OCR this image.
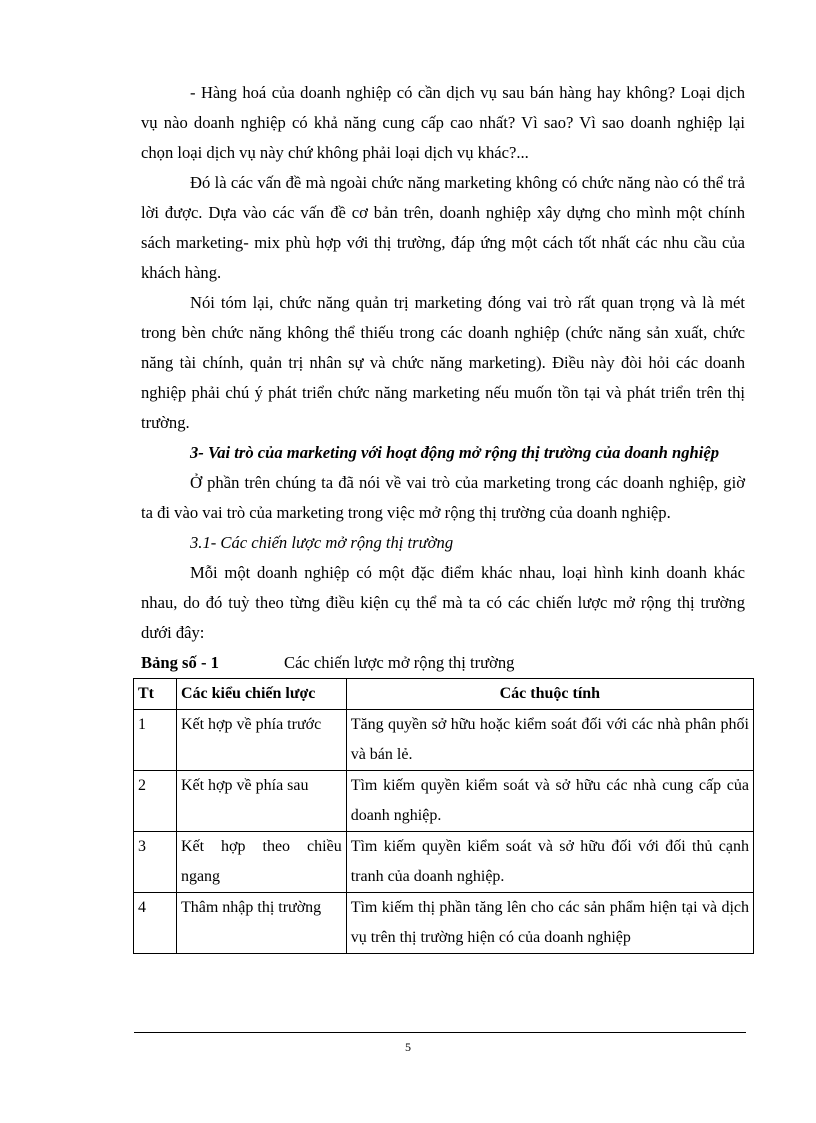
- Hàng hoá của doanh nghiệp có cần dịch vụ sau bán hàng hay không? Loại dịch vụ nào doanh nghiệp có khả năng cung cấp cao nhất? Vì sao? Vì sao doanh nghiệp lại chọn loại dịch vụ này chứ không phải loại dịch vụ khác?...

Đó là các vấn đề mà ngoài chức năng marketing không có chức năng nào có thể trả lời được. Dựa vào các vấn đề cơ bản trên, doanh nghiệp xây dựng cho mình một chính sách marketing- mix phù hợp với thị trường, đáp ứng một cách tốt nhất các nhu cầu của khách hàng.

Nói tóm lại, chức năng quản trị marketing đóng vai trò rất quan trọng và là mét trong bèn chức năng không thể thiếu trong các doanh nghiệp (chức năng sản xuất, chức năng tài chính, quản trị nhân sự và chức năng marketing). Điều này đòi hỏi các doanh nghiệp phải chú ý phát triển chức năng marketing nếu muốn tồn tại và phát triển trên thị trường.

3- Vai trò của marketing với hoạt động mở rộng thị trường của doanh nghiệp

Ở phần trên chúng ta đã nói về vai trò của marketing trong các doanh nghiệp, giờ ta đi vào vai trò của marketing trong việc mở rộng thị trường của doanh nghiệp.

3.1- Các chiến lược mở rộng thị trường

Mỗi một doanh nghiệp có một đặc điểm khác nhau, loại hình kinh doanh khác nhau, do đó tuỳ theo từng điều kiện cụ thể mà ta có các chiến lược mở rộng thị trường dưới đây:

Bảng số - 1	Các chiến lược mở rộng thị trường

Tt	Các kiểu chiến lược	Các thuộc tính
1	Kết hợp về phía trước	Tăng quyền sở hữu hoặc kiểm soát đối với các nhà phân phối và bán lẻ.
2	Kết hợp về phía sau	Tìm kiếm quyền kiểm soát và sở hữu các nhà cung cấp của doanh nghiệp.
3	Kết hợp theo chiều ngang	Tìm kiếm quyền kiểm soát và sở hữu đối với đối thủ cạnh tranh của doanh nghiệp.
4	Thâm nhập thị trường	Tìm kiếm thị phần tăng lên cho các sản phẩm hiện tại và dịch vụ trên thị trường hiện có của doanh nghiệp
5
